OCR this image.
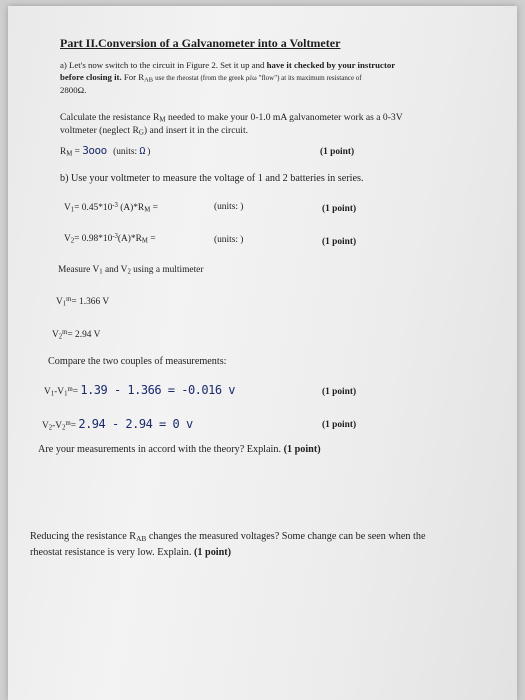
Part II.Conversion of a Galvanometer into a Voltmeter
a) Let's now switch to the circuit in Figure 2. Set it up and have it checked by your instructor
before closing it. For $R_{AB}$ use the rheostat (from the greek ρέω "flow") at its maximum resistance of
2800Ω.
Calculate the resistance $R_M$ needed to make your 0-1.0 mA galvanometer work as a 0-3V
voltmeter (neglect $R_G$) and insert it in the circuit.
$R_M = 3ooo$ (units: Ω )	(1 point)
b) Use your voltmeter to measure the voltage of 1 and 2 batteries in series.
$V_1= 0.45*10^{-3}$ $(A)*R_M$ =	(units: )	(1 point)
$V_2= 0.98*10^{-3}(A)*R_M$ =	(units: )	(1 point)
Measure $V_1$ and $V_2$ using a multimeter
$V_1^m= 1.366$ V
$V_2^m= 2.94$ V
Compare the two couples of measurements:
$V_1-V_1^m= 1.39 - 1.366 = -0.016$ v	(1 point)
$V_2-V_2^m= 2.94 - 2.94 = 0$ v	(1 point)
Are your measurements in accord with the theory? Explain. (1 point)
Reducing the resistance $R_{AB}$ changes the measured voltages? Some change can be seen when the
rheostat resistance is very low. Explain. (1 point)
